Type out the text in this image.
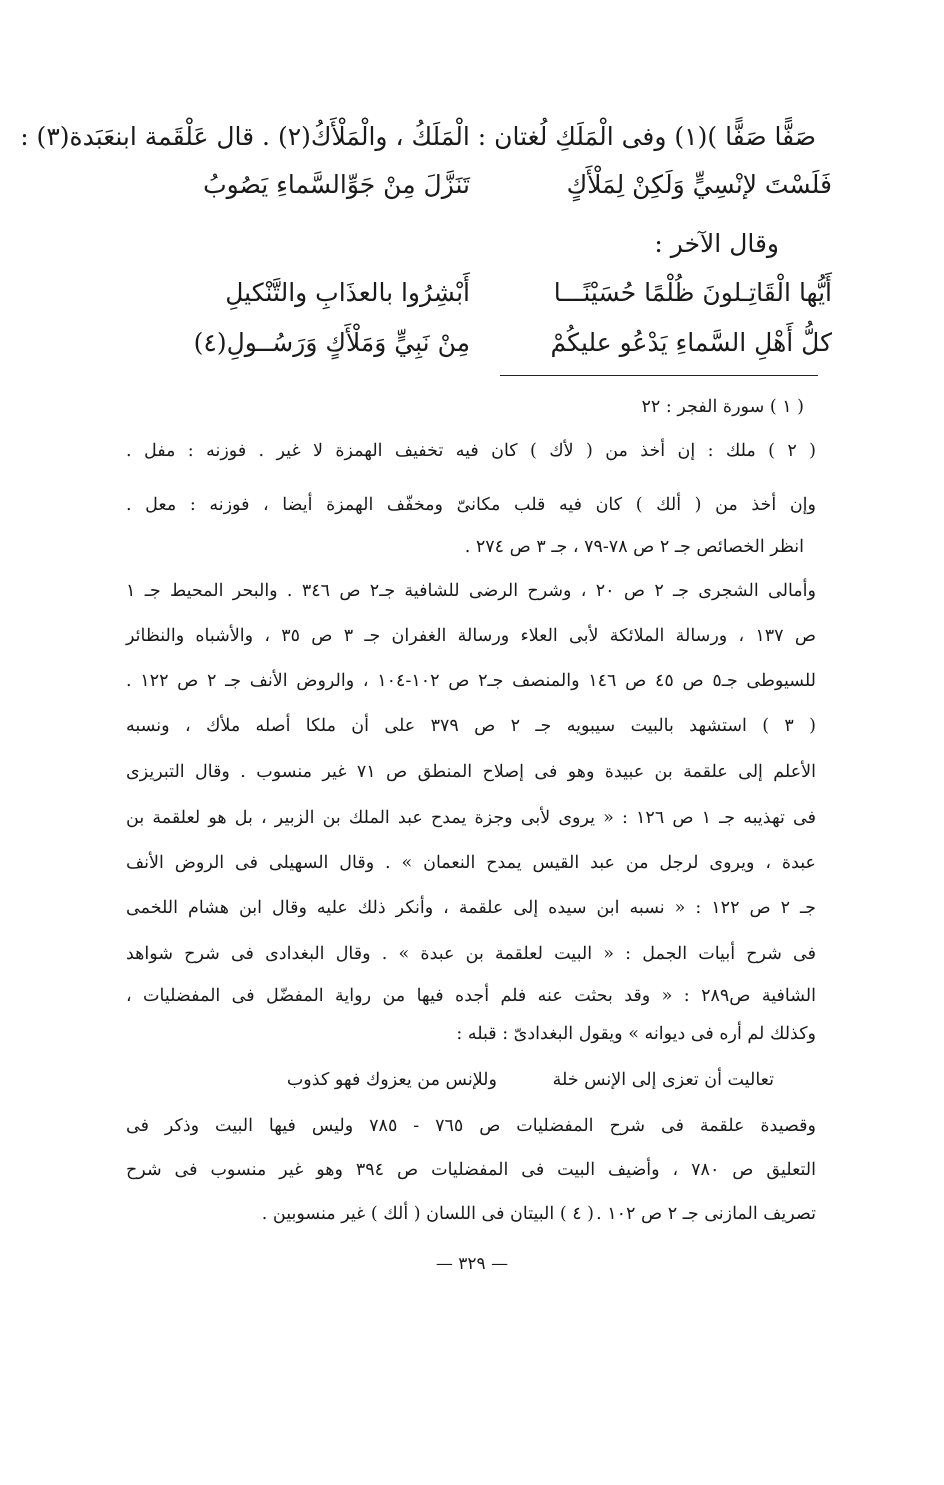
صَفًّا صَفًّا )(١) وفى الْمَلَكِ لُغتان : الْمَلَكُ ، والْمَلْأَكُ(٢) . قال عَلْقَمة ابنعَبَدة(٣) :
فَلَسْتَ لإنْسِيٍّ وَلَكِنْ لِمَلْأَكٍ
تَنَزَّلَ مِنْ جَوِّالسَّماءِ يَصُوبُ
وقال الآخر :
أَيُّها الْقَاتِـلونَ ظُلْمًا حُسَيْنًـــا
أَبْشِرُوا بالعذَابِ والتَّنْكيلِ
كلُّ أَهْلِ السَّماءِ يَدْعُو عليكُمْ
مِنْ نَبِيٍّ وَمَلْأَكٍ وَرَسُــولِ(٤)
( ١ ) سورة الفجر : ٢٢
( ٢ ) ملك : إن أخذ من ( لأك ) كان فيه تخفيف الهمزة لا غير . فوزنه : مفل .
وإن أخذ من ( ألك ) كان فيه قلب مكانىّ ومخفّف الهمزة أيضا ، فوزنه : معل .
انظر الخصائص جـ ٢ ص ٧٨-٧٩ ، جـ ٣ ص ٢٧٤ .
وأمالى الشجرى جـ ٢ ص ٢٠ ، وشرح الرضى للشافية جـ٢ ص ٣٤٦ . والبحر المحيط جـ ١
ص ١٣٧ ، ورسالة الملائكة لأبى العلاء ورسالة الغفران جـ ٣ ص ٣٥ ، والأشباه والنظائر
للسيوطى جـ٥ ص ٤٥ ص ١٤٦ والمنصف جـ٢ ص ١٠٢-١٠٤ ، والروض الأنف جـ ٢ ص ١٢٢ .
( ٣ ) استشهد بالبيت سيبويه جـ ٢ ص ٣٧٩ على أن ملكا أصله ملأك ، ونسبه
الأعلم إلى علقمة بن عبيدة وهو فى إصلاح المنطق ص ٧١ غير منسوب . وقال التبريزى
فى تهذيبه جـ ١ ص ١٢٦ : « يروى لأبى وجزة يمدح عبد الملك بن الزبير ، بل هو لعلقمة بن
عبدة ، ويروى لرجل من عبد القيس يمدح النعمان » . وقال السهيلى فى الروض الأنف
جـ ٢ ص ١٢٢ : « نسبه ابن سيده إلى علقمة ، وأنكر ذلك عليه وقال ابن هشام اللخمى
فى شرح أبيات الجمل : « البيت لعلقمة بن عبدة » . وقال البغدادى فى شرح شواهد
الشافية ص٢٨٩ : « وقد بحثت عنه فلم أجده فيها من رواية المفضّل فى المفضليات ،
وكذلك لم أره فى ديوانه » ويقول البغدادىّ : قبله :
تعاليت أن تعزى إلى الإنس خلة ‏ ‏ ‏ ‏ ‏ ‏ ‏ ‏ ‏ وللإنس من يعزوك فهو كذوب
وقصيدة علقمة فى شرح المفضليات ص ٧٦٥ - ٧٨٥ وليس فيها البيت وذكر فى
التعليق ص ٧٨٠ ، وأضيف البيت فى المفضليات ص ٣٩٤ وهو غير منسوب فى شرح
تصريف المازنى جـ ٢ ص ١٠٢ .
( ٤ ) البيتان فى اللسان ( ألك ) غير منسوبين .
— ٣٢٩ —
